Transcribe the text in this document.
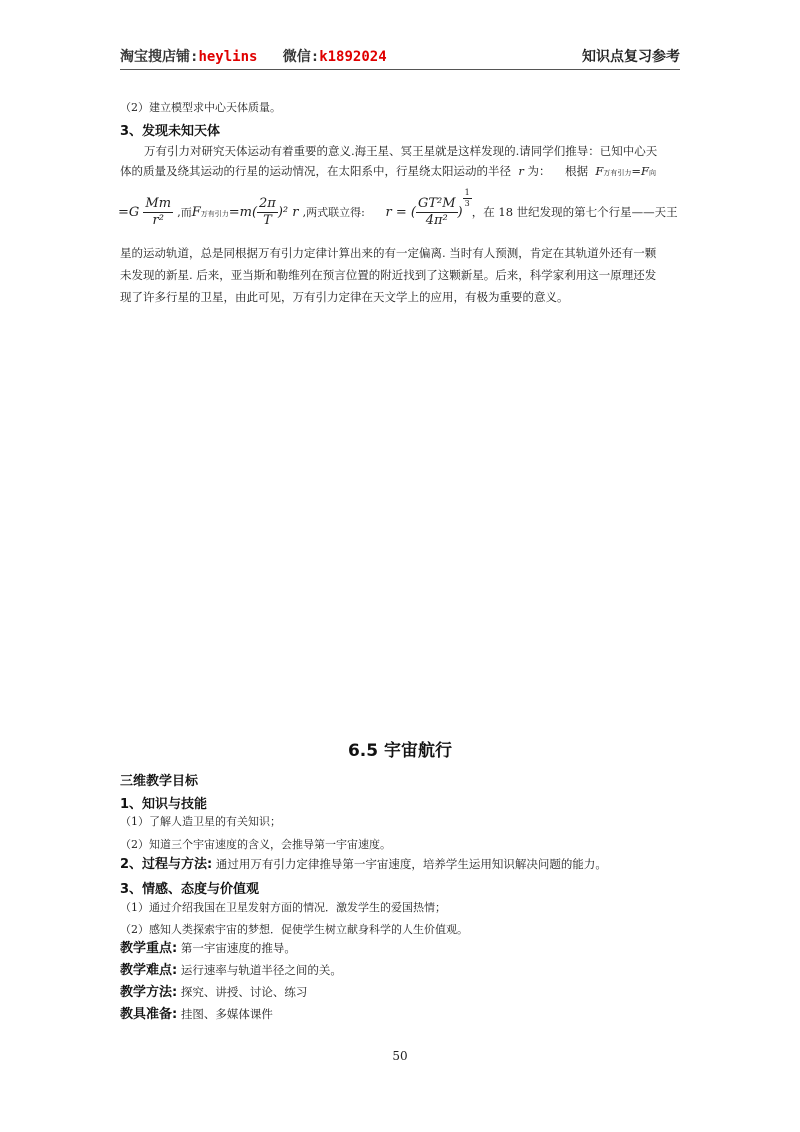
淘宝搜店铺:heylins 微信:k1892024	知识点复习参考
（2）建立模型求中心天体质量。
3、发现未知天体
万有引力对研究天体运动有着重要的意义.海王星、冥王星就是这样发现的.请同学们推导：已知中心天
体的质量及绕其运动的行星的运动情况，在太阳系中，行星绕太阳运动的半径 r 为： 根据 F万有引力=F向
$=G \frac{Mm}{\text{r²}}$ ,而F万有引力$=m( \frac{2\pi}{T} )^2$ r ,两式联立得: r = ( $\frac{\text{GT²M}}{\text{4π²}}$ )
$\frac{1}{3}$
，在 18 世纪发现的第七个行星——天王
星的运动轨道，总是同根据万有引力定律计算出来的有一定偏离. 当时有人预测，肯定在其轨道外还有一颗
未发现的新星. 后来，亚当斯和勒维列在预言位置的附近找到了这颗新星。后来，科学家利用这一原理还发
现了许多行星的卫星，由此可见，万有引力定律在天文学上的应用，有极为重要的意义。
6.5 宇宙航行
三维教学目标
1、知识与技能
（1）了解人造卫星的有关知识；
（2）知道三个宇宙速度的含义，会推导第一宇宙速度。
2、过程与方法: 通过用万有引力定律推导第一宇宙速度，培养学生运用知识解决问题的能力。
3、情感、态度与价值观
（1）通过介绍我国在卫星发射方面的情况．激发学生的爱国热情；
（2）感知人类探索宇宙的梦想．促使学生树立献身科学的人生价值观。
教学重点: 第一宇宙速度的推导。
教学难点: 运行速率与轨道半径之间的关。
教学方法: 探究、讲授、讨论、练习
教具准备: 挂图、多媒体课件
50
